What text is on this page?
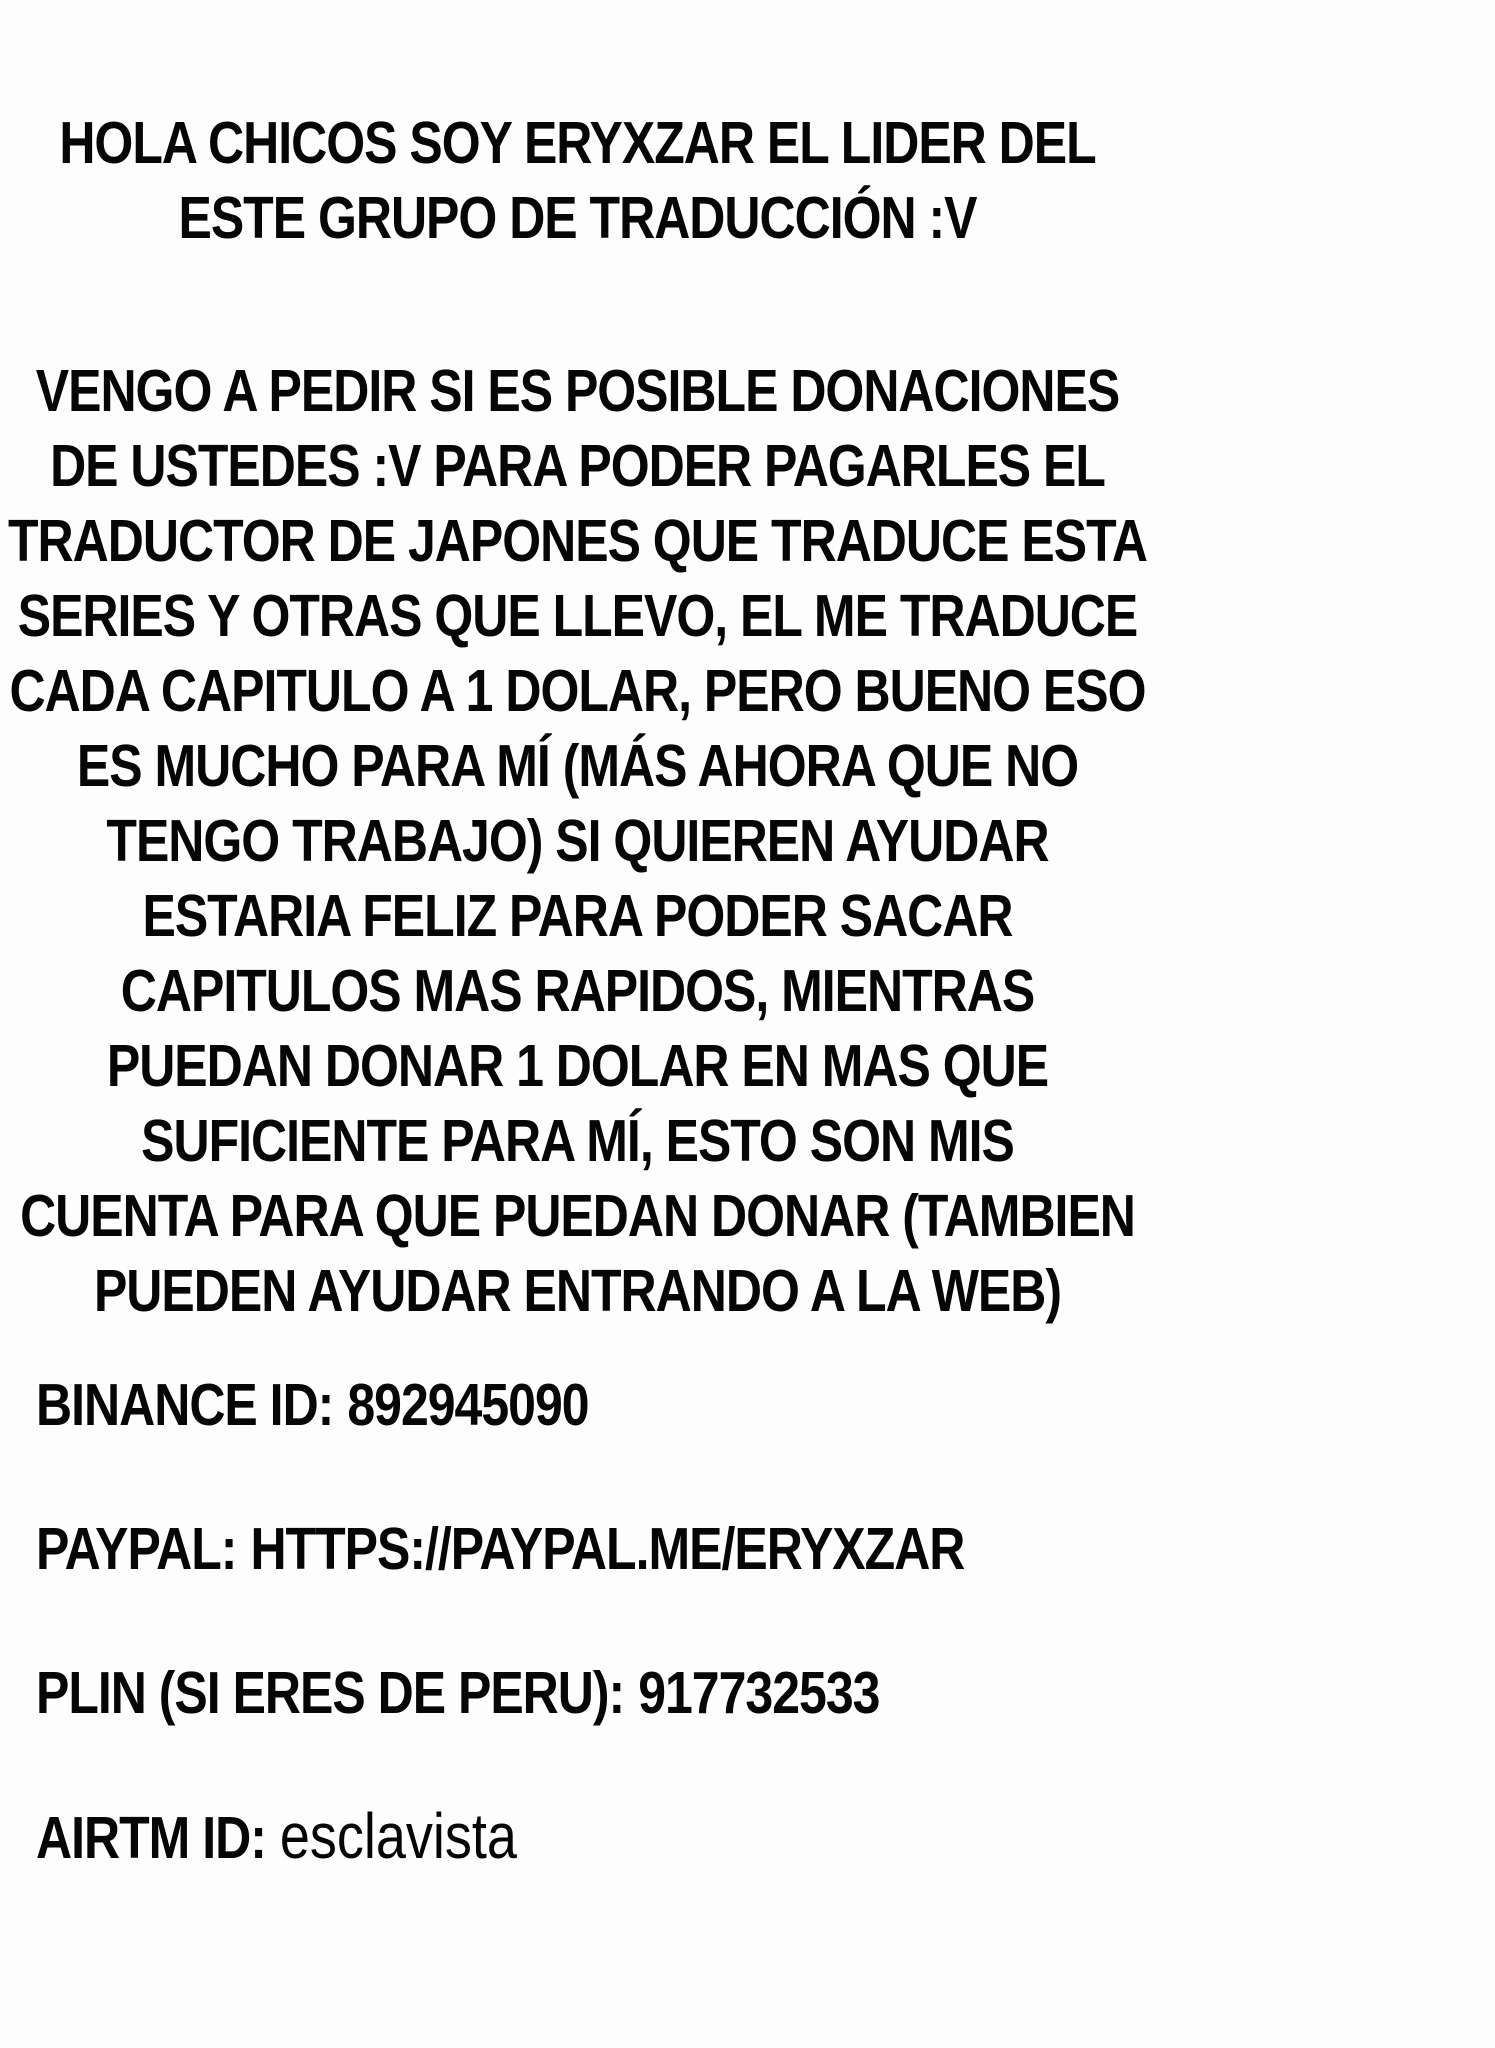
HOLA CHICOS SOY ERYXZAR EL LIDER DEL
ESTE GRUPO DE TRADUCCIÓN :V
VENGO A PEDIR SI ES POSIBLE DONACIONES
DE USTEDES :V PARA PODER PAGARLES EL
TRADUCTOR DE JAPONES QUE TRADUCE ESTA
SERIES Y OTRAS QUE LLEVO, EL ME TRADUCE
CADA CAPITULO A 1 DOLAR, PERO BUENO ESO
ES MUCHO PARA MÍ (MÁS AHORA QUE NO
TENGO TRABAJO) SI QUIEREN AYUDAR
ESTARIA FELIZ PARA PODER SACAR
CAPITULOS MAS RAPIDOS, MIENTRAS
PUEDAN DONAR 1 DOLAR EN MAS QUE
SUFICIENTE PARA MÍ, ESTO SON MIS
CUENTA PARA QUE PUEDAN DONAR (TAMBIEN
PUEDEN AYUDAR ENTRANDO A LA WEB)
BINANCE ID: 892945090
PAYPAL: HTTPS://PAYPAL.ME/ERYXZAR
PLIN (SI ERES DE PERU): 917732533
AIRTM ID: esclavista
